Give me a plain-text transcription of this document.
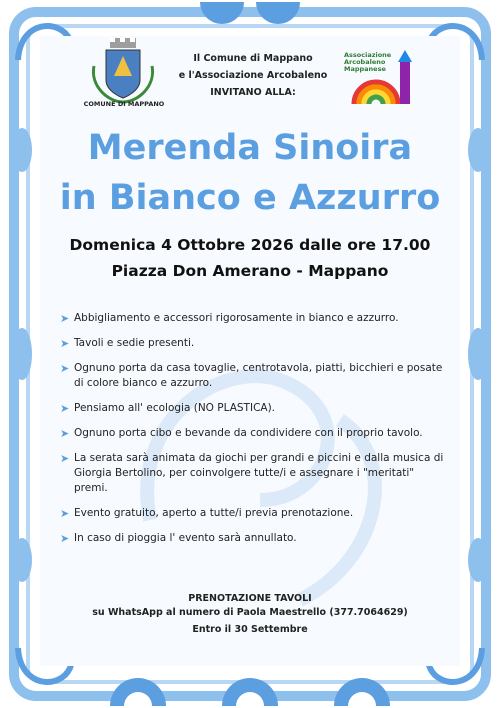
COMUNE DI MAPPANO
Il Comune di Mappano
e l'Associazione Arcobaleno
INVITANO ALLA:
Associazione
Arcobaleno
Mappanese
Merenda Sinoira
in Bianco e Azzurro
Domenica 4 Ottobre 2026 dalle ore 17.00
Piazza Don Amerano - Mappano
➤ Abbigliamento e accessori rigorosamente in bianco e azzurro.
➤ Tavoli e sedie presenti.
➤ Ognuno porta da casa tovaglie, centrotavola, piatti, bicchieri e posate di colore bianco e azzurro.
➤ Pensiamo all' ecologia (NO PLASTICA).
➤ Ognuno porta cibo e bevande da condividere con il proprio tavolo.
➤ La serata sarà animata da giochi per grandi e piccini e dalla musica di Giorgia Bertolino, per coinvolgere tutte/i e assegnare i "meritati" premi.
➤ Evento gratuito, aperto a tutte/i previa prenotazione.
➤ In caso di pioggia l' evento sarà annullato.
PRENOTAZIONE TAVOLI
su WhatsApp al numero di Paola Maestrello (377.7064629)
Entro il 30 Settembre
